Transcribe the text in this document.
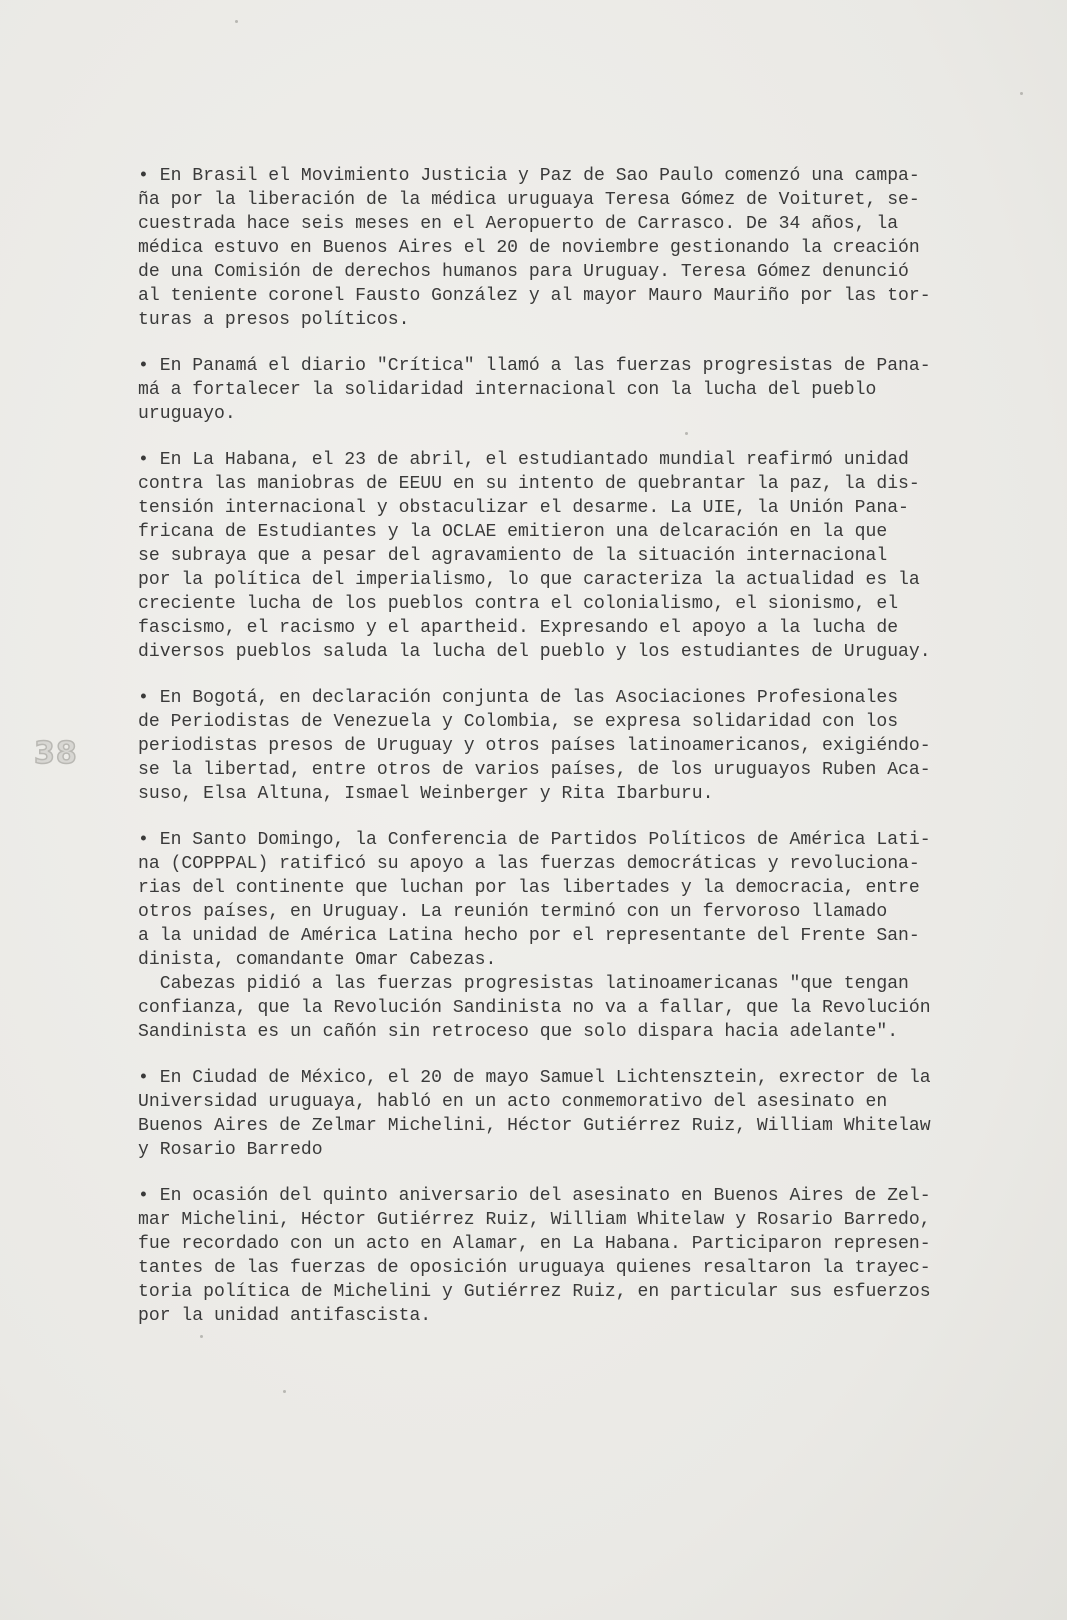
• En Brasil el Movimiento Justicia y Paz de Sao Paulo comenzó una campa-
ña por la liberación de la médica uruguaya Teresa Gómez de Voituret, se-
cuestrada hace seis meses en el Aeropuerto de Carrasco. De 34 años, la
médica estuvo en Buenos Aires el 20 de noviembre gestionando la creación
de una Comisión de derechos humanos para Uruguay. Teresa Gómez denunció
al teniente coronel Fausto González y al mayor Mauro Mauriño por las tor-
turas a presos políticos.
• En Panamá el diario "Crítica" llamó a las fuerzas progresistas de Pana-
má a fortalecer la solidaridad internacional con la lucha del pueblo
uruguayo.
• En La Habana, el 23 de abril, el estudiantado mundial reafirmó unidad
contra las maniobras de EEUU en su intento de quebrantar la paz, la dis-
tensión internacional y obstaculizar el desarme. La UIE, la Unión Pana-
fricana de Estudiantes y la OCLAE emitieron una delcaración en la que
se subraya que a pesar del agravamiento de la situación internacional
por la política del imperialismo, lo que caracteriza la actualidad es la
creciente lucha de los pueblos contra el colonialismo, el sionismo, el
fascismo, el racismo y el apartheid. Expresando el apoyo a la lucha de
diversos pueblos saluda la lucha del pueblo y los estudiantes de Uruguay.
• En Bogotá, en declaración conjunta de las Asociaciones Profesionales
de Periodistas de Venezuela y Colombia, se expresa solidaridad con los
periodistas presos de Uruguay y otros países latinoamericanos, exigiéndo-
se la libertad, entre otros de varios países, de los uruguayos Ruben Aca-
suso, Elsa Altuna, Ismael Weinberger y Rita Ibarburu.
• En Santo Domingo, la Conferencia de Partidos Políticos de América Lati-
na (COPPPAL) ratificó su apoyo a las fuerzas democráticas y revoluciona-
rias del continente que luchan por las libertades y la democracia, entre
otros países, en Uruguay. La reunión terminó con un fervoroso llamado
a la unidad de América Latina hecho por el representante del Frente San-
dinista, comandante Omar Cabezas.
Cabezas pidió a las fuerzas progresistas latinoamericanas "que tengan
confianza, que la Revolución Sandinista no va a fallar, que la Revolución
Sandinista es un cañón sin retroceso que solo dispara hacia adelante".
• En Ciudad de México, el 20 de mayo Samuel Lichtensztein, exrector de la
Universidad uruguaya, habló en un acto conmemorativo del asesinato en
Buenos Aires de Zelmar Michelini, Héctor Gutiérrez Ruiz, William Whitelaw
y Rosario Barredo
• En ocasión del quinto aniversario del asesinato en Buenos Aires de Zel-
mar Michelini, Héctor Gutiérrez Ruiz, William Whitelaw y Rosario Barredo,
fue recordado con un acto en Alamar, en La Habana. Participaron represen-
tantes de las fuerzas de oposición uruguaya quienes resaltaron la trayec-
toria política de Michelini y Gutiérrez Ruiz, en particular sus esfuerzos
por la unidad antifascista.
38
